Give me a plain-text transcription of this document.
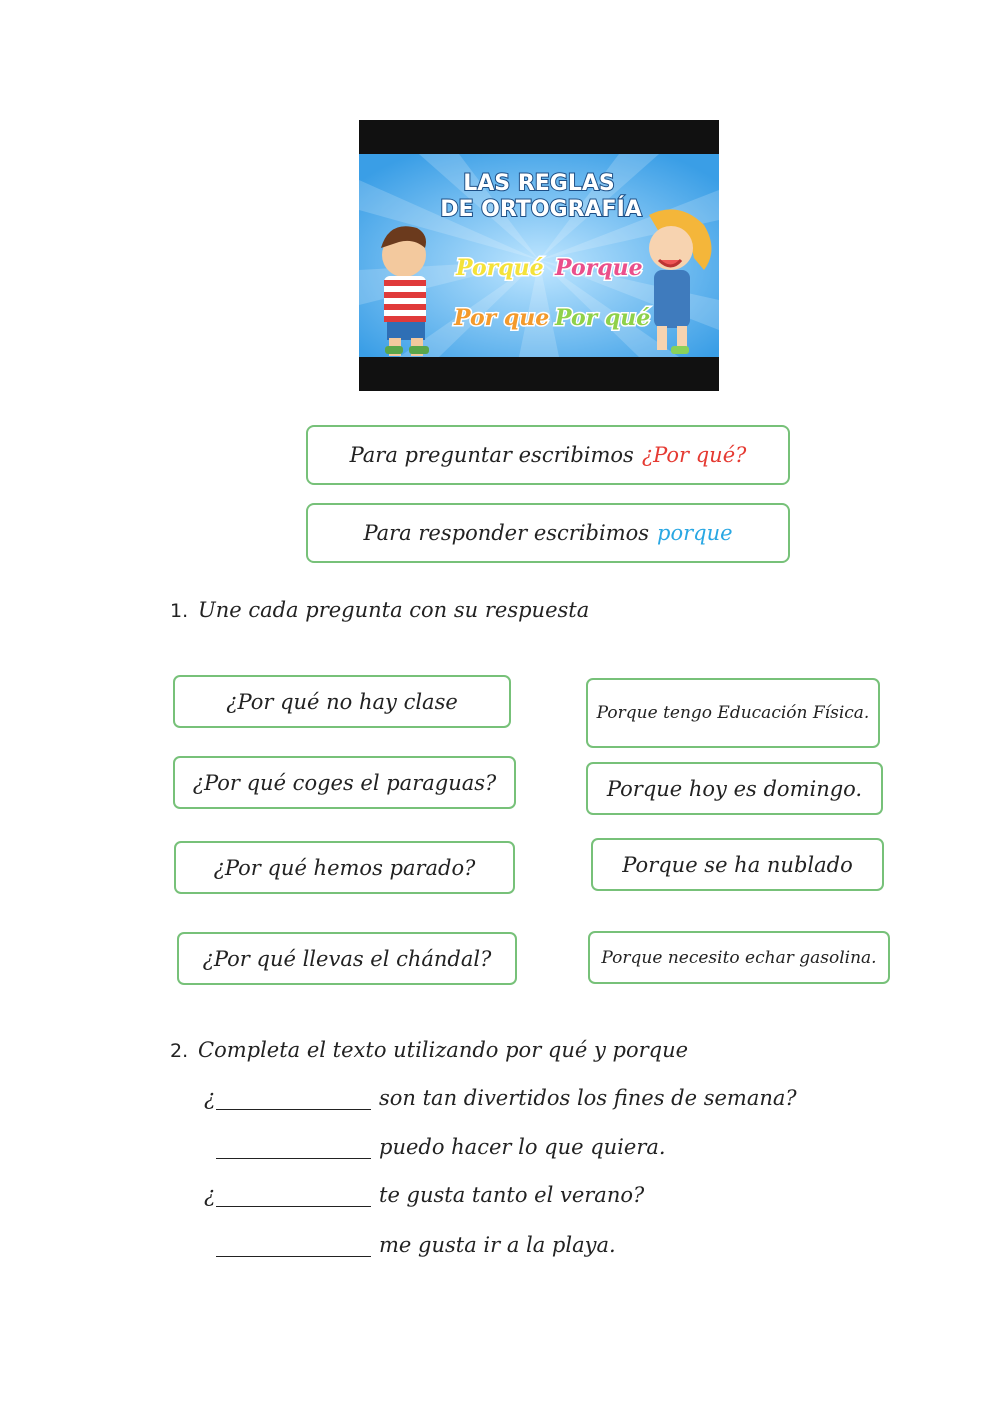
LAS REGLAS
DE ORTOGRAFÍA
Porqué Porque
Por que Por qué
Para preguntar escribimos ¿Por qué?
Para responder escribimos porque
1. Une cada pregunta con su respuesta
¿Por qué no hay clase
¿Por qué coges el paraguas?
¿Por qué hemos parado?
¿Por qué llevas el chándal?
Porque tengo Educación Física.
Porque hoy es domingo.
Porque se ha nublado
Porque necesito echar gasolina.
2. Completa el texto utilizando por qué y porque
¿	son tan divertidos los fines de semana?
puedo hacer lo que quiera.
¿	te gusta tanto el verano?
me gusta ir a la playa.
